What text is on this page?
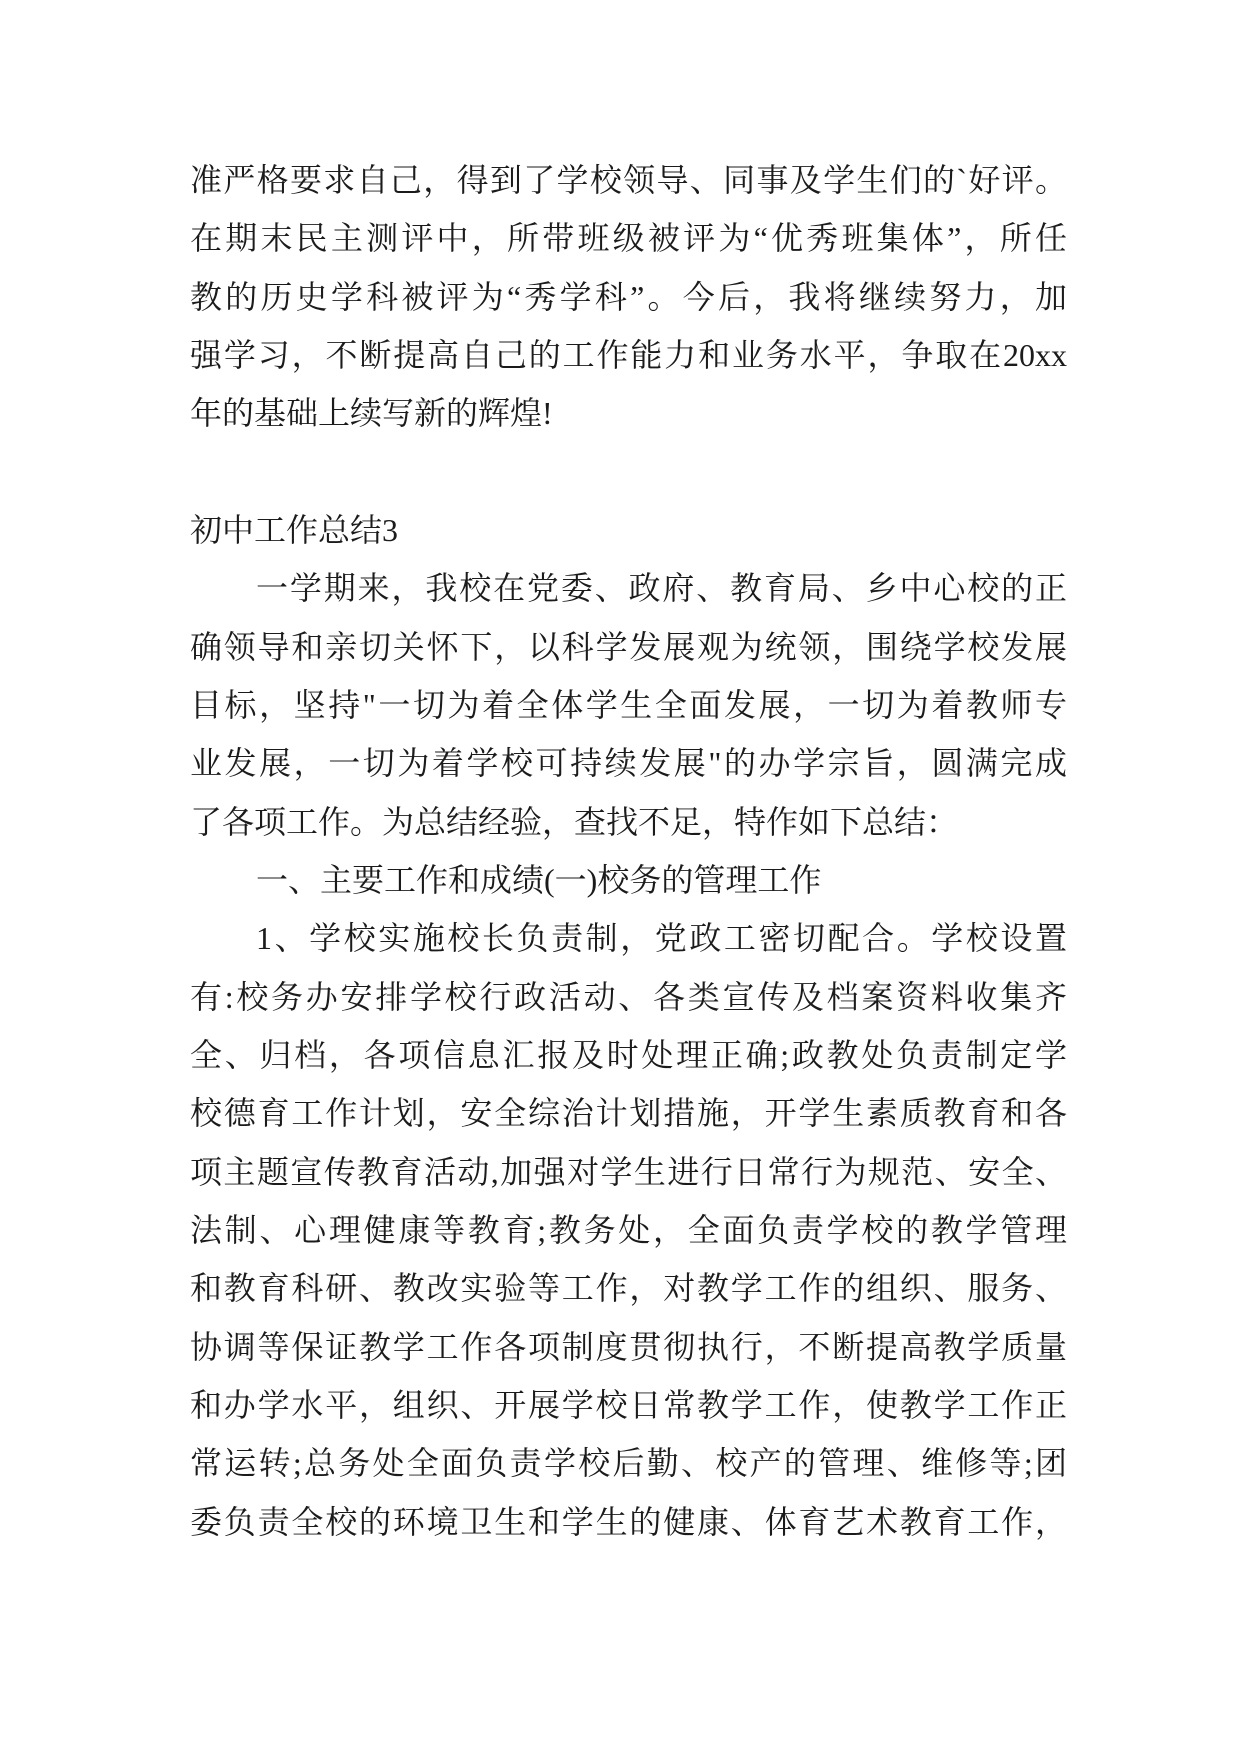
准严格要求自己，得到了学校领导、同事及学生们的`好评。
在期末民主测评中，所带班级被评为“优秀班集体”，所任
教的历史学科被评为“秀学科”。今后，我将继续努力，加
强学习，不断提高自己的工作能力和业务水平，争取在20xx
年的基础上续写新的辉煌!
初中工作总结3
一学期来，我校在党委、政府、教育局、乡中心校的正
确领导和亲切关怀下，以科学发展观为统领，围绕学校发展
目标，坚持"一切为着全体学生全面发展，一切为着教师专
业发展，一切为着学校可持续发展"的办学宗旨，圆满完成
了各项工作。为总结经验，查找不足，特作如下总结：
一、主要工作和成绩(一)校务的管理工作
1、学校实施校长负责制，党政工密切配合。学校设置
有:校务办安排学校行政活动、各类宣传及档案资料收集齐
全、归档，各项信息汇报及时处理正确;政教处负责制定学
校德育工作计划，安全综治计划措施，开学生素质教育和各
项主题宣传教育活动,加强对学生进行日常行为规范、安全、
法制、心理健康等教育;教务处，全面负责学校的教学管理
和教育科研、教改实验等工作，对教学工作的组织、服务、
协调等保证教学工作各项制度贯彻执行，不断提高教学质量
和办学水平，组织、开展学校日常教学工作，使教学工作正
常运转;总务处全面负责学校后勤、校产的管理、维修等;团
委负责全校的环境卫生和学生的健康、体育艺术教育工作，
